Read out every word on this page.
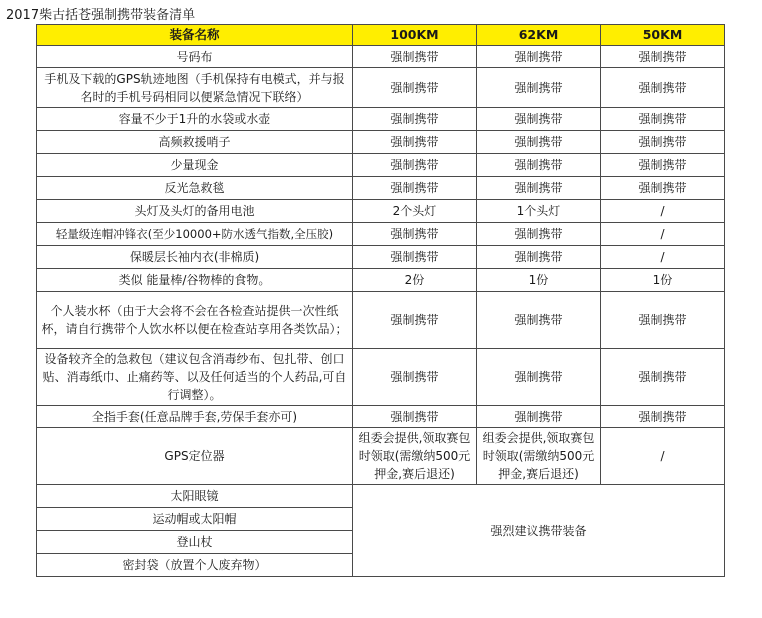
2017柴古括苍强制携带装备清单
装备名称	100KM	62KM	50KM
号码布	强制携带	强制携带	强制携带
手机及下载的GPS轨迹地图（手机保持有电模式，并与报名时的手机号码相同以便紧急情况下联络）	强制携带	强制携带	强制携带
容量不少于1升的水袋或水壶	强制携带	强制携带	强制携带
高频救援哨子	强制携带	强制携带	强制携带
少量现金	强制携带	强制携带	强制携带
反光急救毯	强制携带	强制携带	强制携带
头灯及头灯的备用电池	2个头灯	1个头灯	/
轻量级连帽冲锋衣(至少10000+防水透气指数,全压胶)	强制携带	强制携带	/
保暖层长袖内衣(非棉质)	强制携带	强制携带	/
类似 能量棒/谷物棒的食物。	2份	1份	1份
个人装水杯（由于大会将不会在各检查站提供一次性纸杯，请自行携带个人饮水杯以便在检查站享用各类饮品）；	强制携带	强制携带	强制携带
设备较齐全的急救包（建议包含消毒纱布、包扎带、创口贴、消毒纸巾、止痛药等、以及任何适当的个人药品,可自行调整）。	强制携带	强制携带	强制携带
全指手套(任意品牌手套,劳保手套亦可)	强制携带	强制携带	强制携带
GPS定位器	组委会提供,领取赛包时领取(需缴纳500元押金,赛后退还)	组委会提供,领取赛包时领取(需缴纳500元押金,赛后退还)	/
太阳眼镜	强烈建议携带装备		
运动帽或太阳帽			
登山杖			
密封袋（放置个人废弃物）			
